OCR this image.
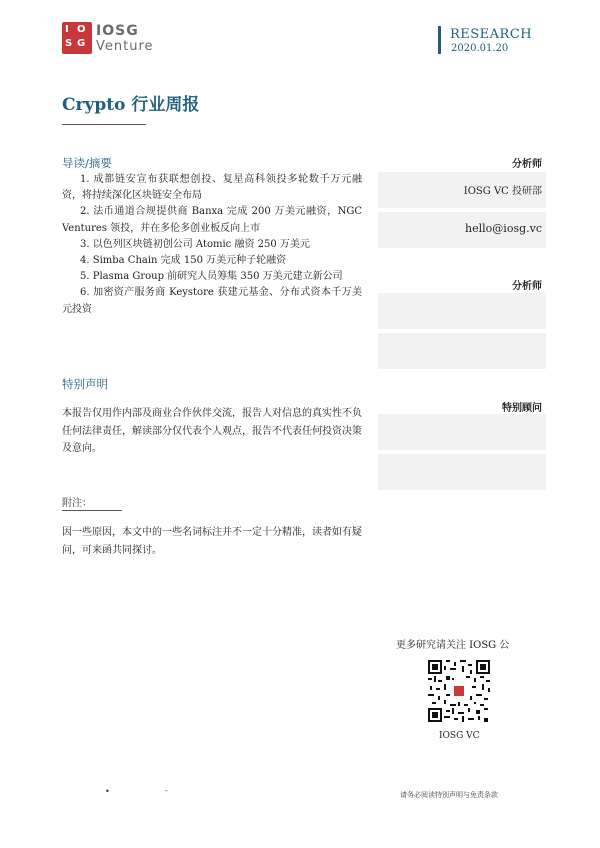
I O
S G
IOSG
Venture
RESEARCH
2020.01.20
Crypto 行业周报
导读/摘要
1. 成都链安宣布获联想创投、复星高科领投多轮数千万元融资，将持续深化区块链安全布局
2. 法币通道合规提供商 Banxa 完成 200 万美元融资，NGC Ventures 领投，并在多伦多创业板反向上市
3. 以色列区块链初创公司 Atomic 融资 250 万美元
4. Simba Chain 完成 150 万美元种子轮融资
5. Plasma Group 前研究人员筹集 350 万美元建立新公司
6. 加密资产服务商 Keystore 获建元基金、分布式资本千万美元投资
特别声明
本报告仅用作内部及商业合作伙伴交流，报告人对信息的真实性不负任何法律责任，解读部分仅代表个人观点，报告不代表任何投资决策及意向。
附注：
因一些原因，本文中的一些名词标注并不一定十分精准，读者如有疑问，可来函共同探讨。
分析师
IOSG VC 投研部
hello@iosg.vc
分析师
特别顾问
更多研究请关注 IOSG 公
IOSG VC
•	-	请务必阅读特别声明与免责条款
